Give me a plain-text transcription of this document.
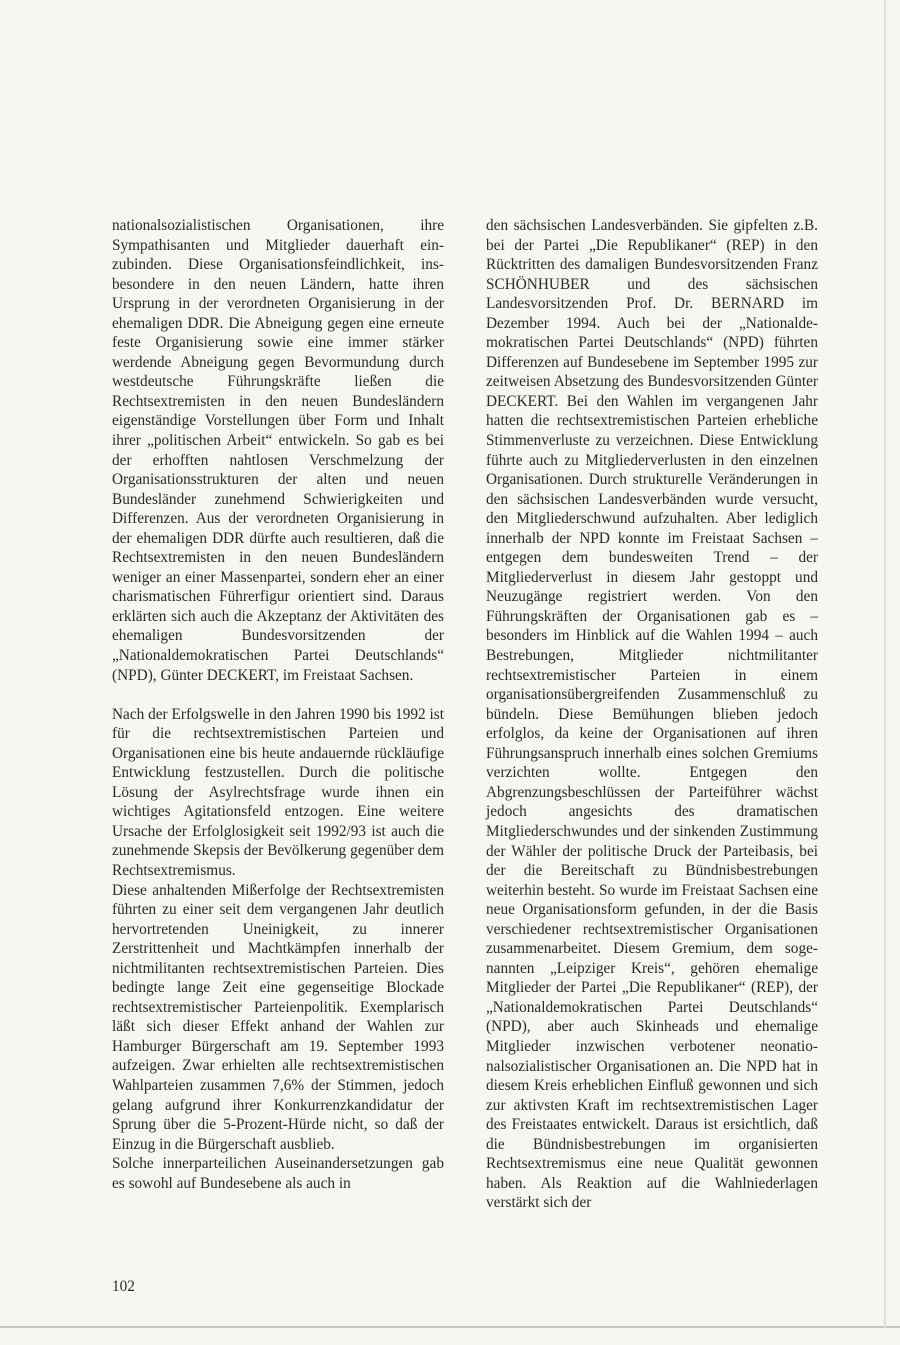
nationalsozialistischen Organisationen, ihre Sympathisanten und Mitglieder dauerhaft einzubinden. Diese Organisationsfeindlichkeit, insbesondere in den neuen Ländern, hatte ihren Ursprung in der verordneten Organisierung in der ehemaligen DDR. Die Abneigung gegen eine erneute feste Organisierung sowie eine immer stärker werdende Abneigung gegen Bevormundung durch westdeutsche Führungskräfte ließen die Rechtsextremisten in den neuen Bundesländern eigenständige Vorstellungen über Form und Inhalt ihrer „politischen Arbeit“ entwickeln. So gab es bei der erhofften nahtlosen Verschmelzung der Organisationsstrukturen der alten und neuen Bundesländer zunehmend Schwierigkeiten und Differenzen. Aus der verordneten Organisierung in der ehemaligen DDR dürfte auch resultieren, daß die Rechtsextremisten in den neuen Bundesländern weniger an einer Massenpartei, sondern eher an einer charismatischen Führerfigur orientiert sind. Daraus erklärten sich auch die Akzeptanz der Aktivitäten des ehemaligen Bundesvorsitzenden der „Nationaldemokratischen Partei Deutschlands“ (NPD), Günter DECKERT, im Freistaat Sachsen.

Nach der Erfolgswelle in den Jahren 1990 bis 1992 ist für die rechtsextremistischen Parteien und Organisationen eine bis heute andauernde rückläufige Entwicklung festzustellen. Durch die politische Lösung der Asylrechtsfrage wurde ihnen ein wichtiges Agitationsfeld entzogen. Eine weitere Ursache der Erfolglosigkeit seit 1992/93 ist auch die zunehmende Skepsis der Bevölkerung gegenüber dem Rechtsextremismus.

Diese anhaltenden Mißerfolge der Rechtsextremisten führten zu einer seit dem vergangenen Jahr deutlich hervortretenden Uneinigkeit, zu innerer Zerstrittenheit und Machtkämpfen innerhalb der nichtmilitanten rechtsextremistischen Parteien. Dies bedingte lange Zeit eine gegenseitige Blockade rechtsextremistischer Parteienpolitik. Exemplarisch läßt sich dieser Effekt anhand der Wahlen zur Hamburger Bürgerschaft am 19. September 1993 aufzeigen. Zwar erhielten alle rechtsextremistischen Wahlparteien zusammen 7,6% der Stimmen, jedoch gelang aufgrund ihrer Konkurrenzkandidatur der Sprung über die 5-Prozent-Hürde nicht, so daß der Einzug in die Bürgerschaft ausblieb.

Solche innerparteilichen Auseinandersetzungen gab es sowohl auf Bundesebene als auch in

den sächsischen Landesverbänden. Sie gipfelten z.B. bei der Partei „Die Republikaner“ (REP) in den Rücktritten des damaligen Bundesvorsitzenden Franz SCHÖNHUBER und des sächsischen Landesvorsitzenden Prof. Dr. BERNARD im Dezember 1994. Auch bei der „Nationaldemokratischen Partei Deutschlands“ (NPD) führten Differenzen auf Bundesebene im September 1995 zur zeitweisen Absetzung des Bundesvorsitzenden Günter DECKERT. Bei den Wahlen im vergangenen Jahr hatten die rechtsextremistischen Parteien erhebliche Stimmenverluste zu verzeichnen. Diese Entwicklung führte auch zu Mitgliederverlusten in den einzelnen Organisationen. Durch strukturelle Veränderungen in den sächsischen Landesverbänden wurde versucht, den Mitgliederschwund aufzuhalten. Aber lediglich innerhalb der NPD konnte im Freistaat Sachsen – entgegen dem bundesweiten Trend – der Mitgliederverlust in diesem Jahr gestoppt und Neuzugänge registriert werden. Von den Führungskräften der Organisationen gab es – besonders im Hinblick auf die Wahlen 1994 – auch Bestrebungen, Mitglieder nichtmilitanter rechtsextremistischer Parteien in einem organisationsübergreifenden Zusammenschluß zu bündeln. Diese Bemühungen blieben jedoch erfolglos, da keine der Organisationen auf ihren Führungsanspruch innerhalb eines solchen Gremiums verzichten wollte. Entgegen den Abgrenzungsbeschlüssen der Parteiführer wächst jedoch angesichts des dramatischen Mitgliederschwundes und der sinkenden Zustimmung der Wähler der politische Druck der Parteibasis, bei der die Bereitschaft zu Bündnisbestrebungen weiterhin besteht. So wurde im Freistaat Sachsen eine neue Organisationsform gefunden, in der die Basis verschiedener rechtsextremistischer Organisationen zusammenarbeitet. Diesem Gremium, dem sogenannten „Leipziger Kreis“, gehören ehemalige Mitglieder der Partei „Die Republikaner“ (REP), der „Nationaldemokratischen Partei Deutschlands“ (NPD), aber auch Skinheads und ehemalige Mitglieder inzwischen verbotener neonationalsozialistischer Organisationen an. Die NPD hat in diesem Kreis erheblichen Einfluß gewonnen und sich zur aktivsten Kraft im rechtsextremistischen Lager des Freistaates entwickelt. Daraus ist ersichtlich, daß die Bündnisbestrebungen im organisierten Rechtsextremismus eine neue Qualität gewonnen haben. Als Reaktion auf die Wahlniederlagen verstärkt sich der

102
